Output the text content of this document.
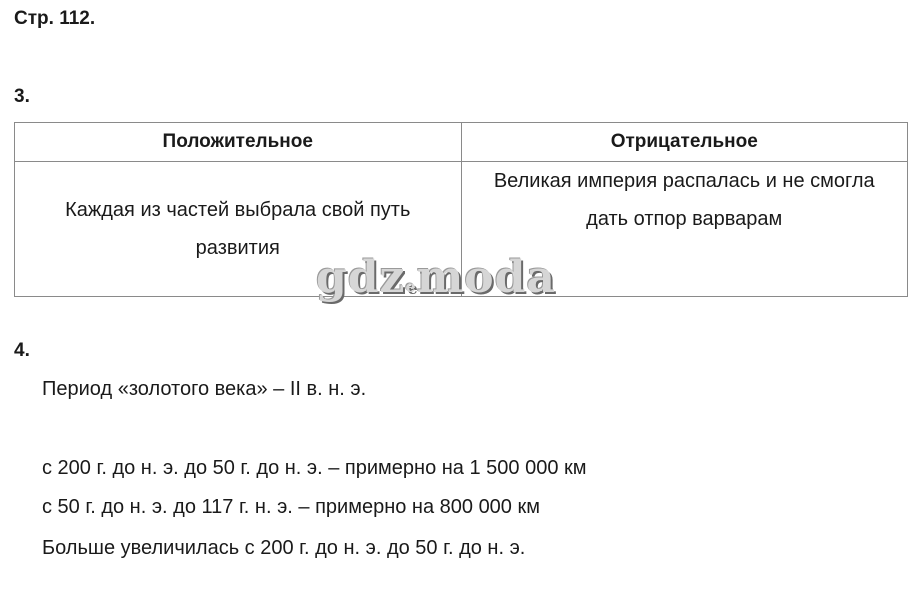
Стр. 112.
3.
Положительное	Отрицательное
Каждая из частей выбрала свой путь развития	Великая империя распалась и не смогла дать отпор варварам
gdzemoda
4.
Период «золотого века» – II в. н. э.
с 200 г. до н. э. до 50 г. до н. э. – примерно на 1 500 000 км
с 50 г. до н. э. до 117 г. н. э. – примерно на 800 000 км
Больше увеличилась с 200 г. до н. э. до 50 г. до н. э.
